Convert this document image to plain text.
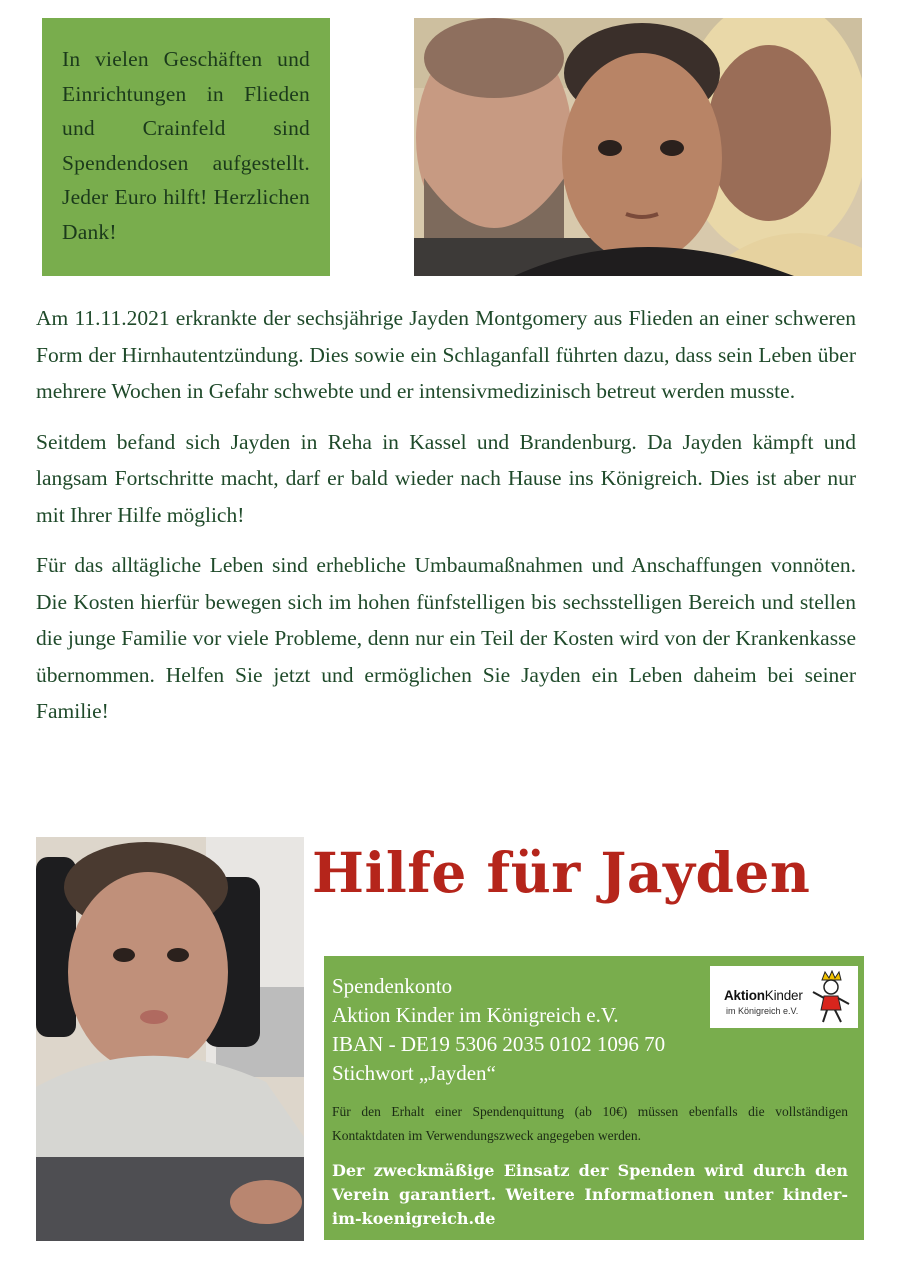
In vielen Geschäften und Einrichtungen in Flieden und Crainfeld sind Spendendosen aufgestellt. Jeder Euro hilft! Herzlichen Dank!

Am 11.11.2021 erkrankte der sechsjährige Jayden Montgomery aus Flieden an einer schweren Form der Hirnhautentzündung. Dies sowie ein Schlaganfall führten dazu, dass sein Leben über mehrere Wochen in Gefahr schwebte und er intensivmedizinisch betreut werden musste.

Seitdem befand sich Jayden in Reha in Kassel und Brandenburg. Da Jayden kämpft und langsam Fortschritte macht, darf er bald wieder nach Hause ins Königreich. Dies ist aber nur mit Ihrer Hilfe möglich!

Für das alltägliche Leben sind erhebliche Umbaumaßnahmen und Anschaffungen vonnöten. Die Kosten hierfür bewegen sich im hohen fünfstelligen bis sechsstelligen Bereich und stellen die junge Familie vor viele Probleme, denn nur ein Teil der Kosten wird von der Krankenkasse übernommen. Helfen Sie jetzt und ermöglichen Sie Jayden ein Leben daheim bei seiner Familie!

Hilfe für Jayden
Spendenkonto
Aktion Kinder im Königreich e.V.
IBAN - DE19 5306 2035 0102 1096 70
Stichwort „Jayden“
Für den Erhalt einer Spendenquittung (ab 10€) müssen ebenfalls die vollständigen Kontaktdaten im Verwendungszweck angegeben werden.
Der zweckmäßige Einsatz der Spenden wird durch den Verein garantiert. Weitere Informationen unter kinder-im-koenigreich.de
AktionKinder
im Königreich e.V.
